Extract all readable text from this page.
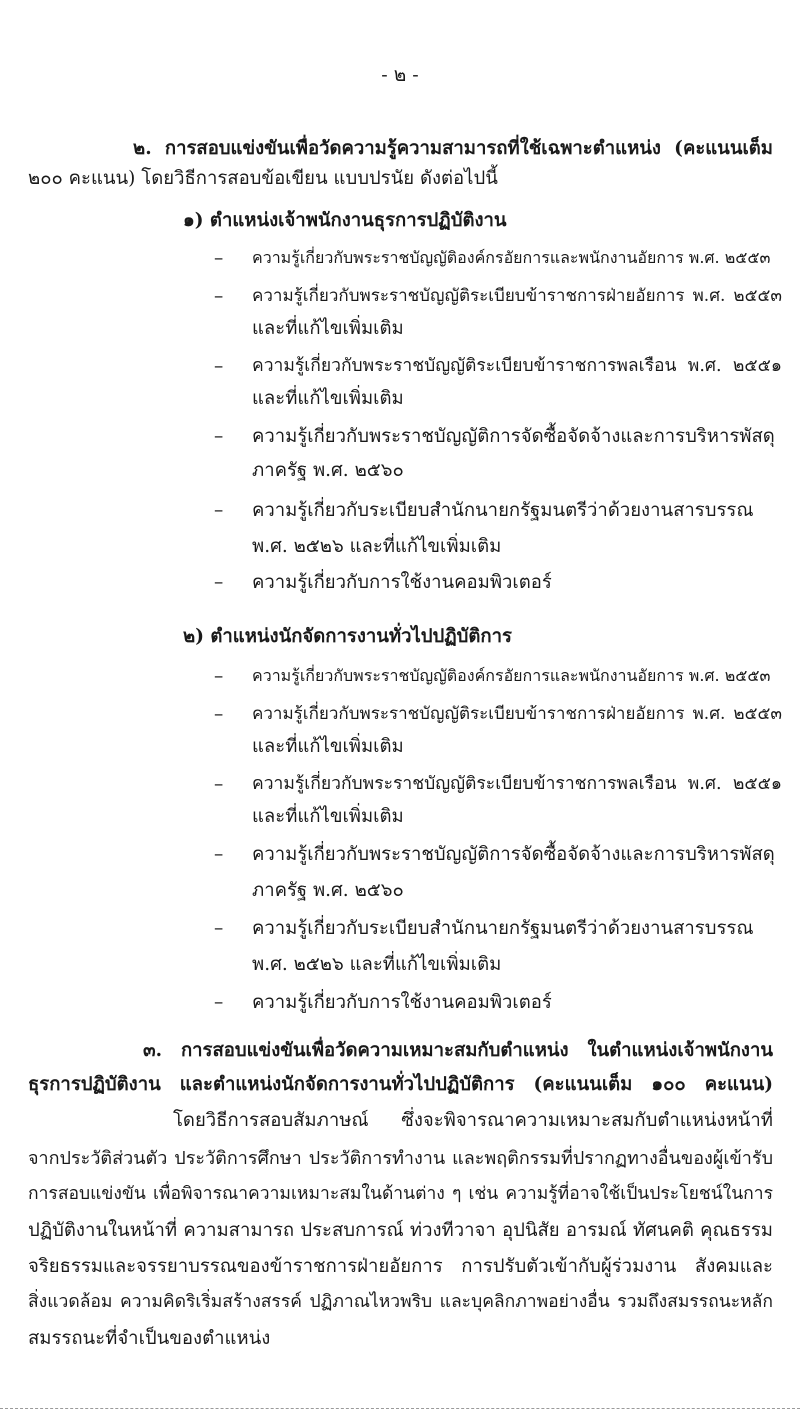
- ๒ -
๒. การสอบแข่งขันเพื่อวัดความรู้ความสามารถที่ใช้เฉพาะตำแหน่ง (คะแนนเต็ม
๒๐๐ คะแนน) โดยวิธีการสอบข้อเขียน แบบปรนัย ดังต่อไปนี้
๑) ตำแหน่งเจ้าพนักงานธุรการปฏิบัติงาน
– ความรู้เกี่ยวกับพระราชบัญญัติองค์กรอัยการและพนักงานอัยการ พ.ศ. ๒๕๕๓
– ความรู้เกี่ยวกับพระราชบัญญัติระเบียบข้าราชการฝ่ายอัยการ พ.ศ. ๒๕๕๓
และที่แก้ไขเพิ่มเติม
– ความรู้เกี่ยวกับพระราชบัญญัติระเบียบข้าราชการพลเรือน พ.ศ. ๒๕๕๑
และที่แก้ไขเพิ่มเติม
– ความรู้เกี่ยวกับพระราชบัญญัติการจัดซื้อจัดจ้างและการบริหารพัสดุ
ภาครัฐ พ.ศ. ๒๕๖๐
– ความรู้เกี่ยวกับระเบียบสำนักนายกรัฐมนตรีว่าด้วยงานสารบรรณ
พ.ศ. ๒๕๒๖ และที่แก้ไขเพิ่มเติม
– ความรู้เกี่ยวกับการใช้งานคอมพิวเตอร์
๒) ตำแหน่งนักจัดการงานทั่วไปปฏิบัติการ
– ความรู้เกี่ยวกับพระราชบัญญัติองค์กรอัยการและพนักงานอัยการ พ.ศ. ๒๕๕๓
– ความรู้เกี่ยวกับพระราชบัญญัติระเบียบข้าราชการฝ่ายอัยการ พ.ศ. ๒๕๕๓
และที่แก้ไขเพิ่มเติม
– ความรู้เกี่ยวกับพระราชบัญญัติระเบียบข้าราชการพลเรือน พ.ศ. ๒๕๕๑
และที่แก้ไขเพิ่มเติม
– ความรู้เกี่ยวกับพระราชบัญญัติการจัดซื้อจัดจ้างและการบริหารพัสดุ
ภาครัฐ พ.ศ. ๒๕๖๐
– ความรู้เกี่ยวกับระเบียบสำนักนายกรัฐมนตรีว่าด้วยงานสารบรรณ
พ.ศ. ๒๕๒๖ และที่แก้ไขเพิ่มเติม
– ความรู้เกี่ยวกับการใช้งานคอมพิวเตอร์
๓. การสอบแข่งขันเพื่อวัดความเหมาะสมกับตำแหน่ง ในตำแหน่งเจ้าพนักงาน
ธุรการปฏิบัติงาน และตำแหน่งนักจัดการงานทั่วไปปฏิบัติการ (คะแนนเต็ม ๑๐๐ คะแนน)
โดยวิธีการสอบสัมภาษณ์ ซึ่งจะพิจารณาความเหมาะสมกับตำแหน่งหน้าที่
จากประวัติส่วนตัว ประวัติการศึกษา ประวัติการทำงาน และพฤติกรรมที่ปรากฏทางอื่นของผู้เข้ารับ
การสอบแข่งขัน เพื่อพิจารณาความเหมาะสมในด้านต่าง ๆ เช่น ความรู้ที่อาจใช้เป็นประโยชน์ในการ
ปฏิบัติงานในหน้าที่ ความสามารถ ประสบการณ์ ท่วงทีวาจา อุปนิสัย อารมณ์ ทัศนคติ คุณธรรม
จริยธรรมและจรรยาบรรณของข้าราชการฝ่ายอัยการ การปรับตัวเข้ากับผู้ร่วมงาน สังคมและ
สิ่งแวดล้อม ความคิดริเริ่มสร้างสรรค์ ปฏิภาณไหวพริบ และบุคลิกภาพอย่างอื่น รวมถึงสมรรถนะหลัก
สมรรถนะที่จำเป็นของตำแหน่ง
